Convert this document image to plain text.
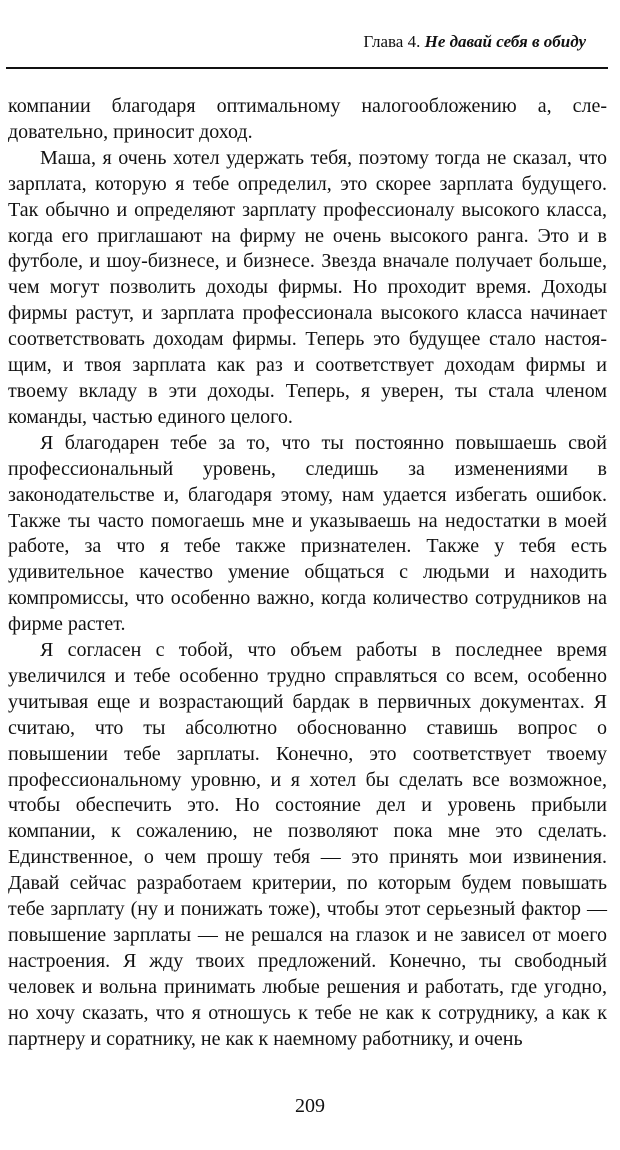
Глава 4. Не давай себя в обиду

компании благодаря оптимальному налогообложению а, следовательно, приносит доход.

Маша, я очень хотел удержать тебя, поэтому тогда не сказал, что зарплата, которую я тебе определил, это скорее зарплата будущего. Так обычно и определяют зарплату профессионалу высокого класса, когда его приглашают на фирму не очень высокого ранга. Это и в футболе, и шоу-бизнесе, и бизнесе. Звезда вначале получает больше, чем могут позволить доходы фирмы. Но проходит время. Доходы фирмы растут, и зарплата профессионала высокого класса начинает соответствовать доходам фирмы. Теперь это будущее стало настоящим, и твоя зарплата как раз и соответствует доходам фирмы и твоему вкладу в эти доходы. Теперь, я уверен, ты стала членом команды, частью единого целого.

Я благодарен тебе за то, что ты постоянно повышаешь свой профессиональный уровень, следишь за изменениями в законодательстве и, благодаря этому, нам удается избегать ошибок. Также ты часто помогаешь мне и указываешь на недостатки в моей работе, за что я тебе также признателен. Также у тебя есть удивительное качество умение общаться с людьми и находить компромиссы, что особенно важно, когда количество сотрудников на фирме растет.

Я согласен с тобой, что объем работы в последнее время увеличился и тебе особенно трудно справляться со всем, особенно учитывая еще и возрастающий бардак в первичных документах. Я считаю, что ты абсолютно обоснованно ставишь вопрос о повышении тебе зарплаты. Конечно, это соответствует твоему профессиональному уровню, и я хотел бы сделать все возможное, чтобы обеспечить это. Но состояние дел и уровень прибыли компании, к сожалению, не позволяют пока мне это сделать. Единственное, о чем прошу тебя — это принять мои извинения. Давай сейчас разработаем критерии, по которым будем повышать тебе зарплату (ну и понижать тоже), чтобы этот серьезный фактор — повышение зарплаты — не решался на глазок и не зависел от моего настроения. Я жду твоих предложений. Конечно, ты свободный человек и вольна принимать любые решения и работать, где угодно, но хочу сказать, что я отношусь к тебе не как к сотруднику, а как к партнеру и соратнику, не как к наемному работнику, и очень

209
